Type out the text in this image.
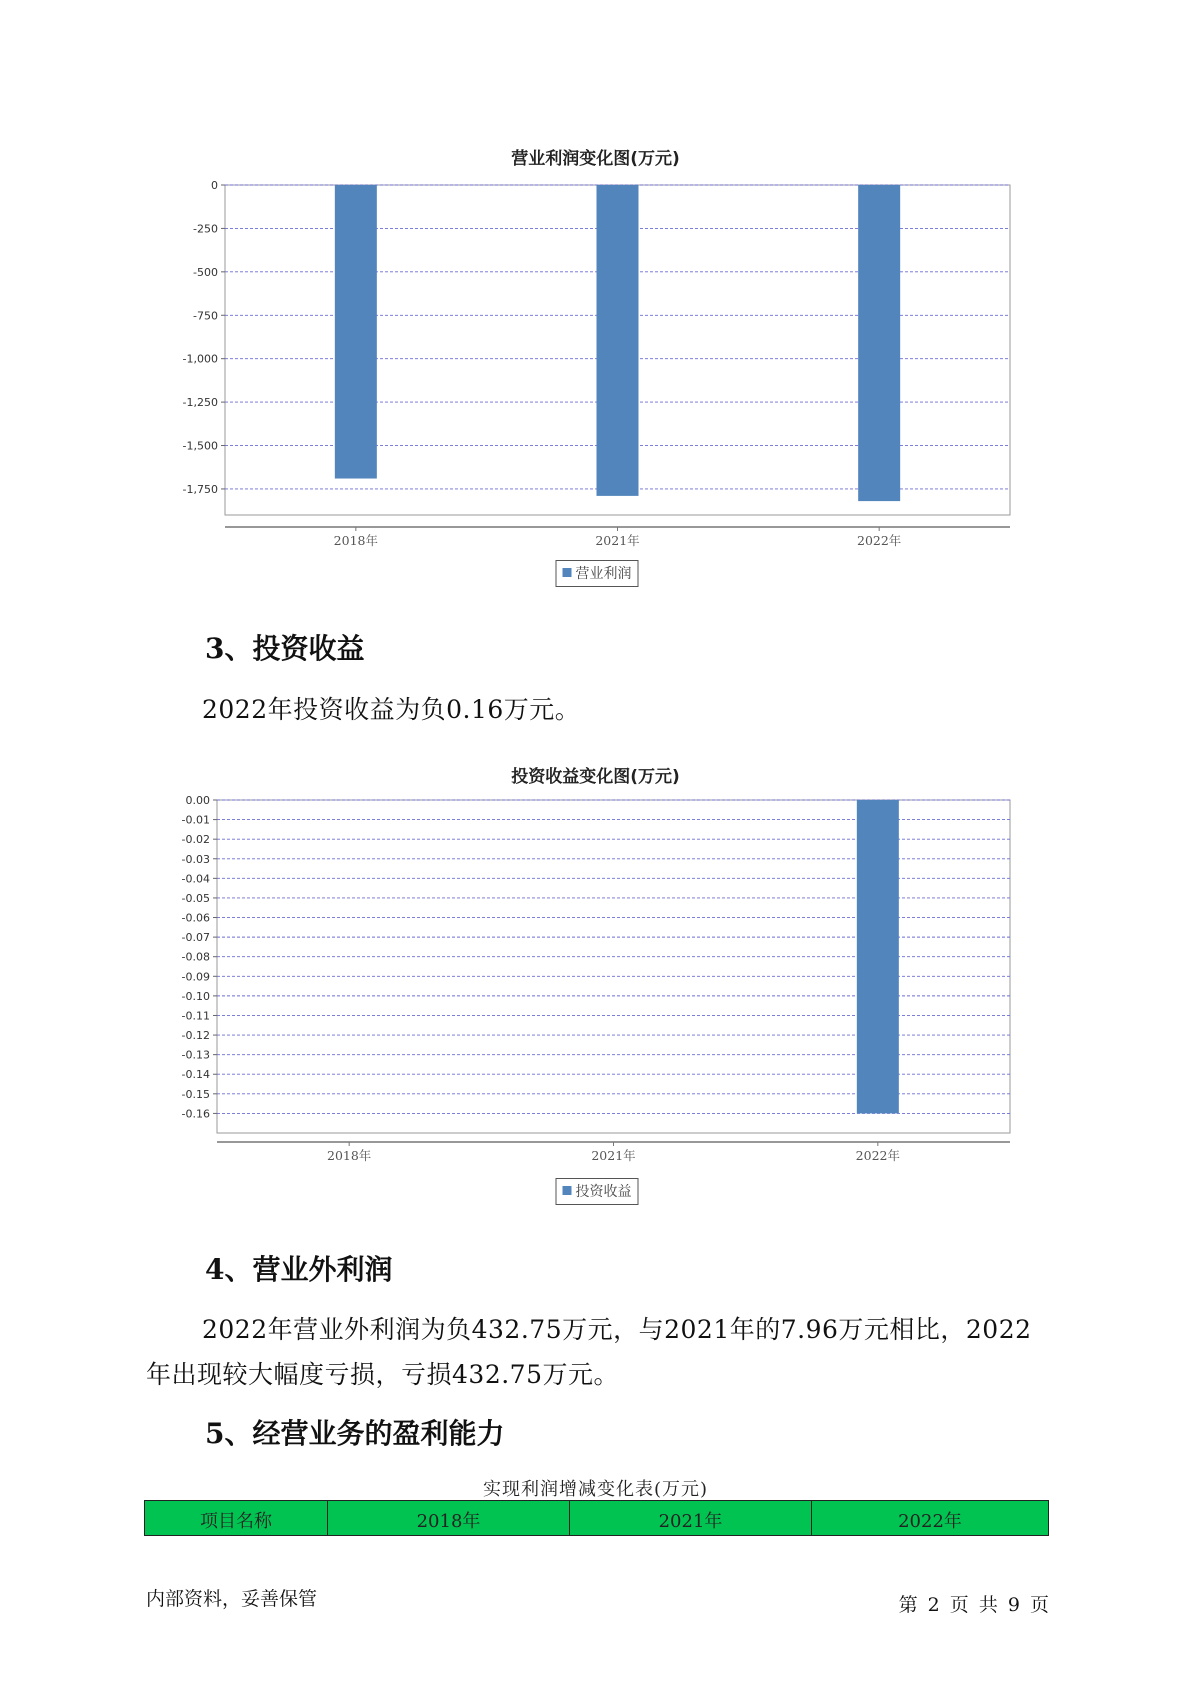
营业利润变化图(万元)
0
-250
-500
-750
-1,000
-1,250
-1,500
-1,750
2018年	2021年	2022年
营业利润
3、投资收益
2022年投资收益为负0.16万元。
投资收益变化图(万元)
0.00
-0.01
-0.02
-0.03
-0.04
-0.05
-0.06
-0.07
-0.08
-0.09
-0.10
-0.11
-0.12
-0.13
-0.14
-0.15
-0.16
2018年	2021年	2022年
投资收益
4、营业外利润
2022年营业外利润为负432.75万元，与2021年的7.96万元相比，2022
年出现较大幅度亏损，亏损432.75万元。
5、经营业务的盈利能力
实现利润增减变化表(万元)
项目名称	2018年	2021年	2022年
内部资料，妥善保管	第 2 页 共 9 页
